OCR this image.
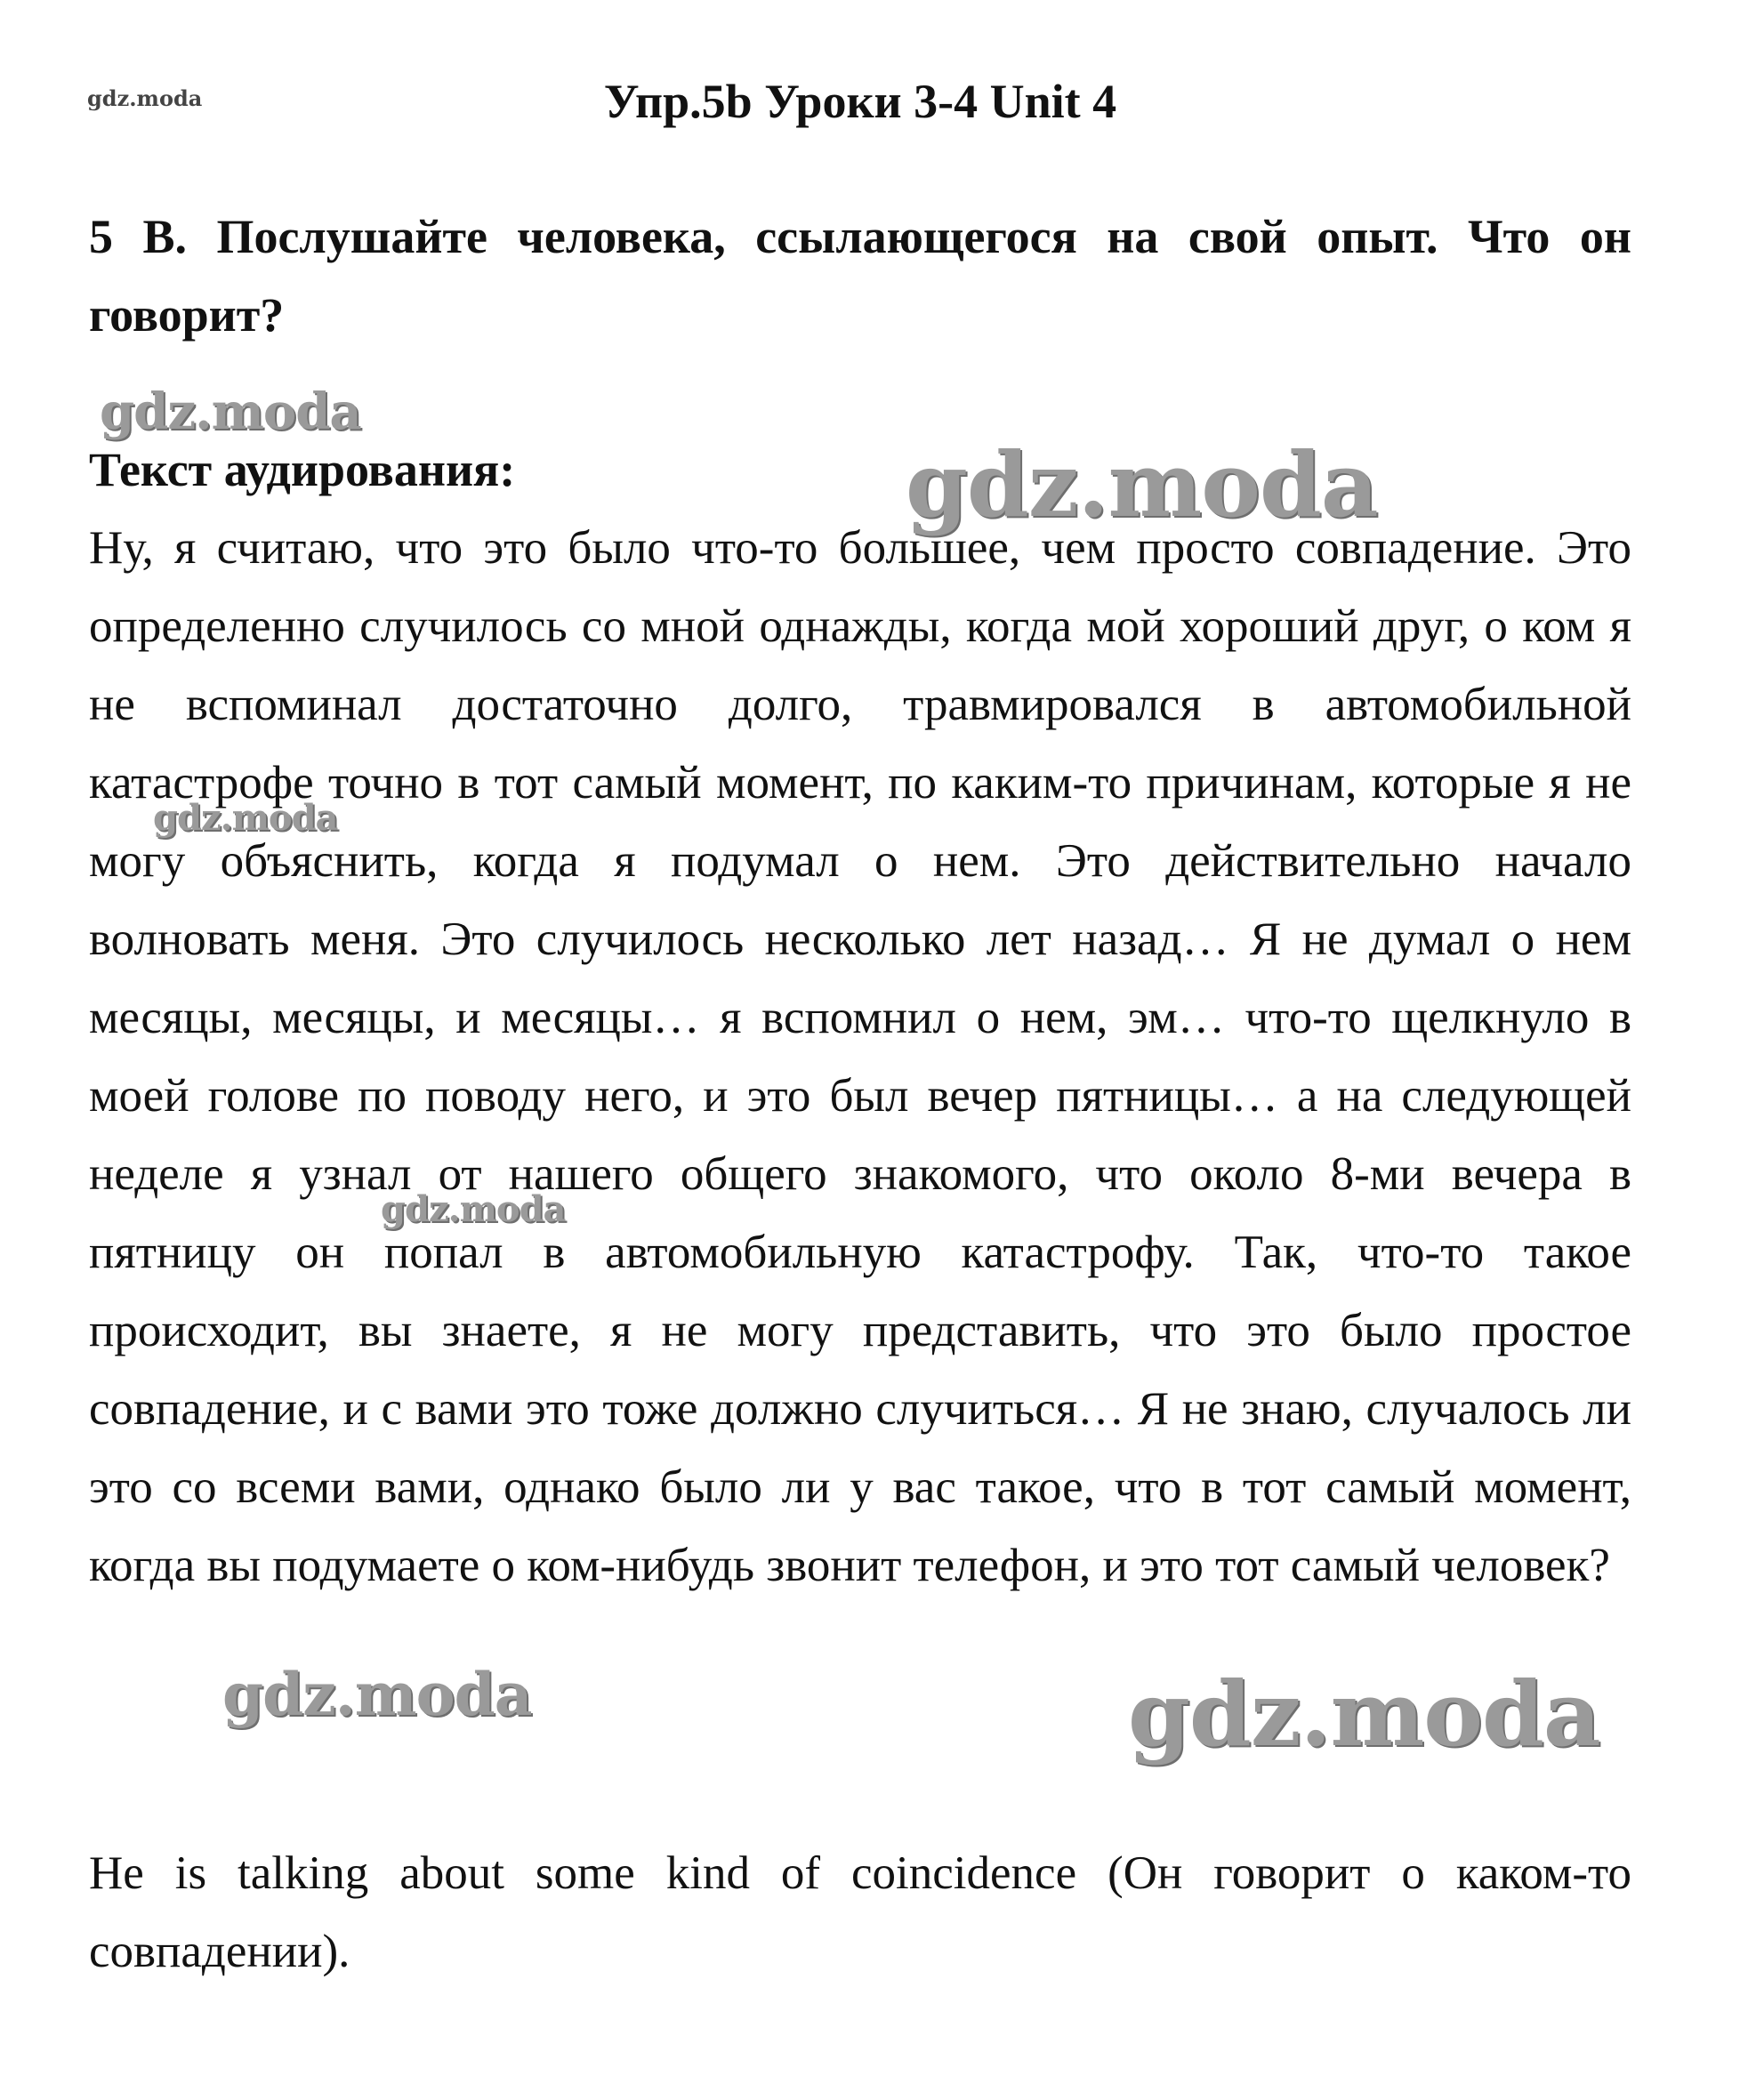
Упр.5b Уроки 3-4 Unit 4

5 B. Послушайте человека, ссылающегося на свой опыт. Что он говорит?

Текст аудирования:

Ну, я считаю, что это было что-то большее, чем просто совпадение. Это определенно случилось со мной однажды, когда мой хороший друг, о ком я не вспоминал достаточно долго, травмировался в автомобильной катастрофе точно в тот самый момент, по каким-то причинам, которые я не могу объяснить, когда я подумал о нем. Это действительно начало волновать меня. Это случилось несколько лет назад… Я не думал о нем месяцы, месяцы, и месяцы… я вспомнил о нем, эм… что-то щелкнуло в моей голове по поводу него, и это был вечер пятницы… а на следующей неделе я узнал от нашего общего знакомого, что около 8-ми вечера в пятницу он попал в автомобильную катастрофу. Так, что-то такое происходит, вы знаете, я не могу представить, что это было простое совпадение, и с вами это тоже должно случиться… Я не знаю, случалось ли это со всеми вами, однако было ли у вас такое, что в тот самый момент, когда вы подумаете о ком-нибудь звонит телефон, и это тот самый человек?

He is talking about some kind of coincidence (Он говорит о каком-то совпадении).

gdz.moda
gdz.moda
gdz.moda
gdz.moda
gdz.moda
gdz.moda	gdz.moda
